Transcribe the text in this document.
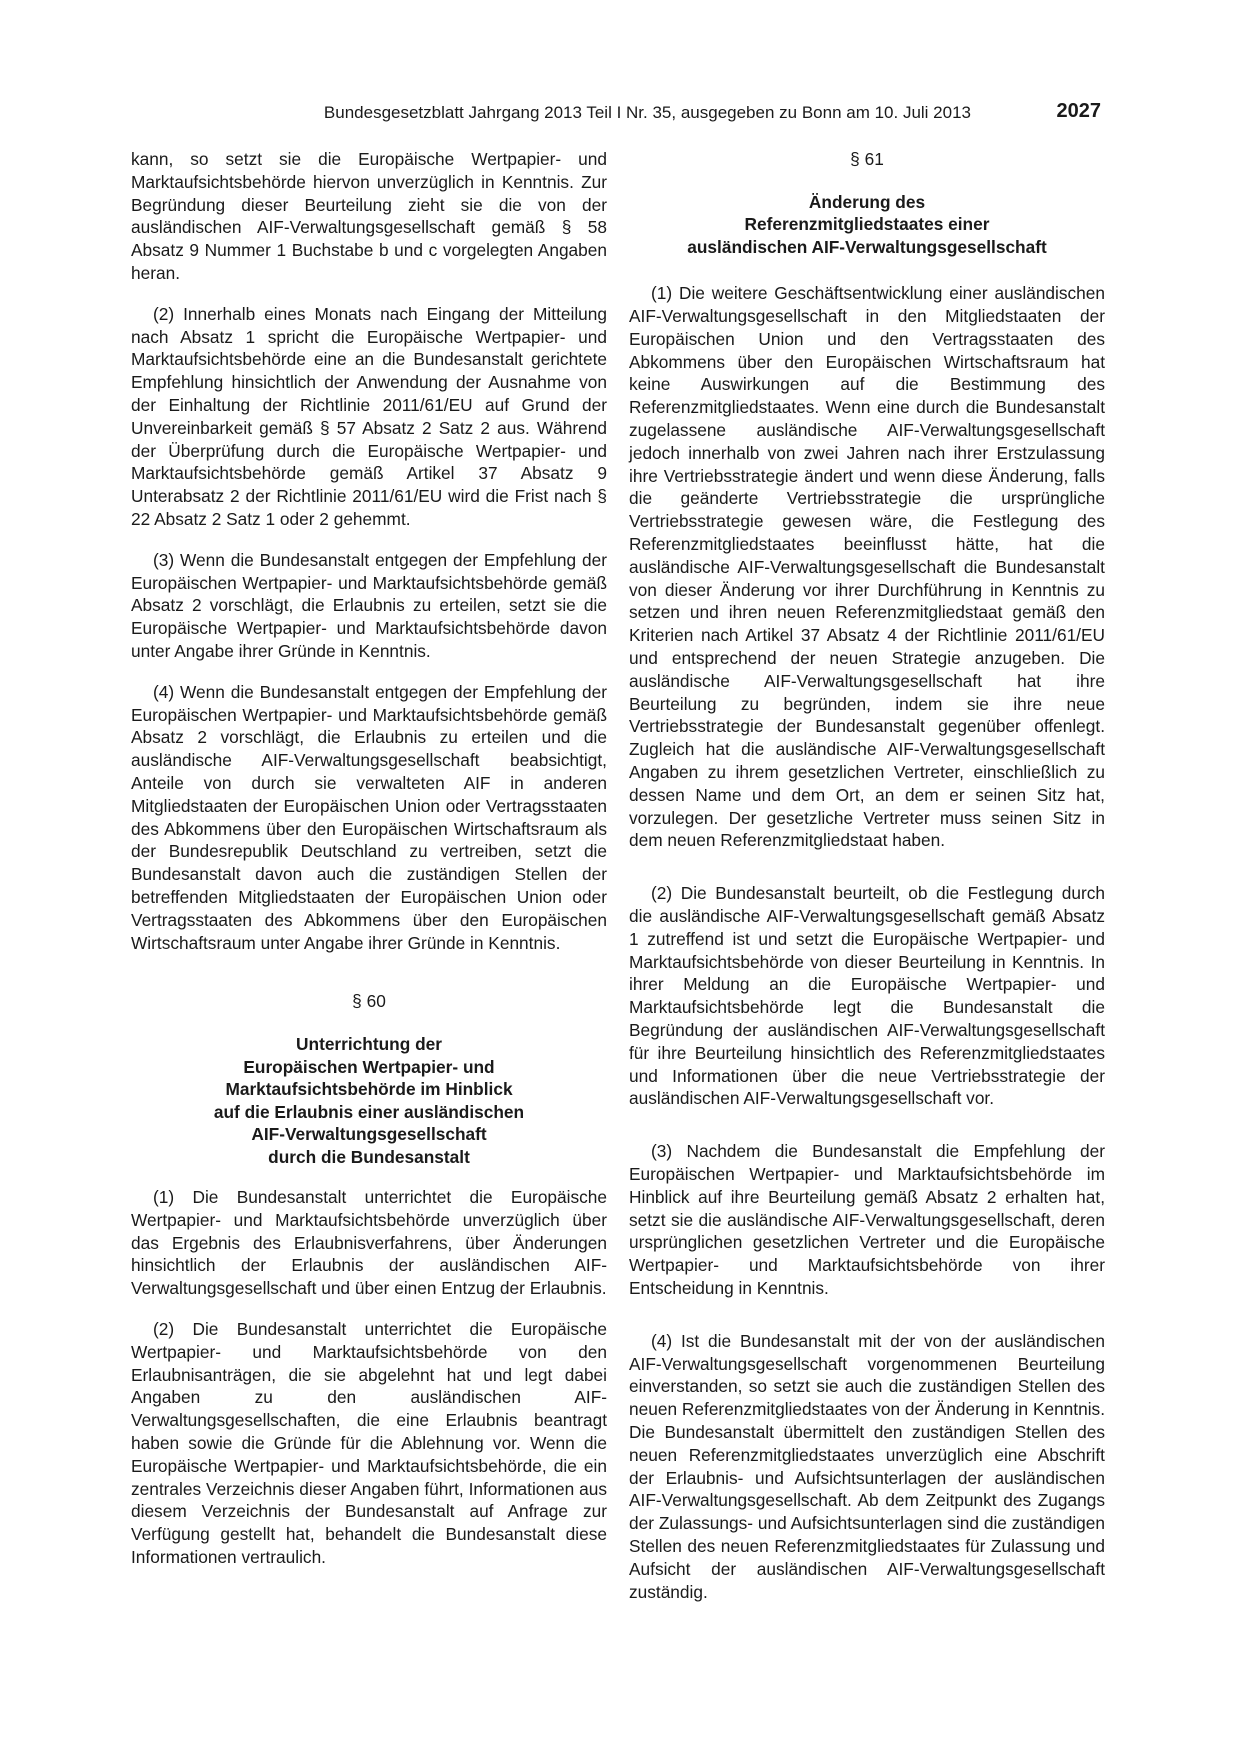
Bundesgesetzblatt Jahrgang 2013 Teil I Nr. 35, ausgegeben zu Bonn am 10. Juli 2013	2027

kann, so setzt sie die Europäische Wertpapier- und Marktaufsichtsbehörde hiervon unverzüglich in Kenntnis. Zur Begründung dieser Beurteilung zieht sie die von der ausländischen AIF-Verwaltungsgesellschaft gemäß § 58 Absatz 9 Nummer 1 Buchstabe b und c vorgelegten Angaben heran.

(2) Innerhalb eines Monats nach Eingang der Mitteilung nach Absatz 1 spricht die Europäische Wertpapier- und Marktaufsichtsbehörde eine an die Bundesanstalt gerichtete Empfehlung hinsichtlich der Anwendung der Ausnahme von der Einhaltung der Richtlinie 2011/61/EU auf Grund der Unvereinbarkeit gemäß § 57 Absatz 2 Satz 2 aus. Während der Überprüfung durch die Europäische Wertpapier- und Marktaufsichtsbehörde gemäß Artikel 37 Absatz 9 Unterabsatz 2 der Richtlinie 2011/61/EU wird die Frist nach § 22 Absatz 2 Satz 1 oder 2 gehemmt.

(3) Wenn die Bundesanstalt entgegen der Empfehlung der Europäischen Wertpapier- und Marktaufsichtsbehörde gemäß Absatz 2 vorschlägt, die Erlaubnis zu erteilen, setzt sie die Europäische Wertpapier- und Marktaufsichtsbehörde davon unter Angabe ihrer Gründe in Kenntnis.

(4) Wenn die Bundesanstalt entgegen der Empfehlung der Europäischen Wertpapier- und Marktaufsichtsbehörde gemäß Absatz 2 vorschlägt, die Erlaubnis zu erteilen und die ausländische AIF-Verwaltungsgesellschaft beabsichtigt, Anteile von durch sie verwalteten AIF in anderen Mitgliedstaaten der Europäischen Union oder Vertragsstaaten des Abkommens über den Europäischen Wirtschaftsraum als der Bundesrepublik Deutschland zu vertreiben, setzt die Bundesanstalt davon auch die zuständigen Stellen der betreffenden Mitgliedstaaten der Europäischen Union oder Vertragsstaaten des Abkommens über den Europäischen Wirtschaftsraum unter Angabe ihrer Gründe in Kenntnis.

§ 60
Unterrichtung der
Europäischen Wertpapier- und
Marktaufsichtsbehörde im Hinblick
auf die Erlaubnis einer ausländischen
AIF-Verwaltungsgesellschaft
durch die Bundesanstalt

(1) Die Bundesanstalt unterrichtet die Europäische Wertpapier- und Marktaufsichtsbehörde unverzüglich über das Ergebnis des Erlaubnisverfahrens, über Änderungen hinsichtlich der Erlaubnis der ausländischen AIF-Verwaltungsgesellschaft und über einen Entzug der Erlaubnis.

(2) Die Bundesanstalt unterrichtet die Europäische Wertpapier- und Marktaufsichtsbehörde von den Erlaubnisanträgen, die sie abgelehnt hat und legt dabei Angaben zu den ausländischen AIF-Verwaltungsgesellschaften, die eine Erlaubnis beantragt haben sowie die Gründe für die Ablehnung vor. Wenn die Europäische Wertpapier- und Marktaufsichtsbehörde, die ein zentrales Verzeichnis dieser Angaben führt, Informationen aus diesem Verzeichnis der Bundesanstalt auf Anfrage zur Verfügung gestellt hat, behandelt die Bundesanstalt diese Informationen vertraulich.

§ 61
Änderung des
Referenzmitgliedstaates einer
ausländischen AIF-Verwaltungsgesellschaft

(1) Die weitere Geschäftsentwicklung einer ausländischen AIF-Verwaltungsgesellschaft in den Mitgliedstaaten der Europäischen Union und den Vertragsstaaten des Abkommens über den Europäischen Wirtschaftsraum hat keine Auswirkungen auf die Bestimmung des Referenzmitgliedstaates. Wenn eine durch die Bundesanstalt zugelassene ausländische AIF-Verwaltungsgesellschaft jedoch innerhalb von zwei Jahren nach ihrer Erstzulassung ihre Vertriebsstrategie ändert und wenn diese Änderung, falls die geänderte Vertriebsstrategie die ursprüngliche Vertriebsstrategie gewesen wäre, die Festlegung des Referenzmitgliedstaates beeinflusst hätte, hat die ausländische AIF-Verwaltungsgesellschaft die Bundesanstalt von dieser Änderung vor ihrer Durchführung in Kenntnis zu setzen und ihren neuen Referenzmitgliedstaat gemäß den Kriterien nach Artikel 37 Absatz 4 der Richtlinie 2011/61/EU und entsprechend der neuen Strategie anzugeben. Die ausländische AIF-Verwaltungsgesellschaft hat ihre Beurteilung zu begründen, indem sie ihre neue Vertriebsstrategie der Bundesanstalt gegenüber offenlegt. Zugleich hat die ausländische AIF-Verwaltungsgesellschaft Angaben zu ihrem gesetzlichen Vertreter, einschließlich zu dessen Name und dem Ort, an dem er seinen Sitz hat, vorzulegen. Der gesetzliche Vertreter muss seinen Sitz in dem neuen Referenzmitgliedstaat haben.

(2) Die Bundesanstalt beurteilt, ob die Festlegung durch die ausländische AIF-Verwaltungsgesellschaft gemäß Absatz 1 zutreffend ist und setzt die Europäische Wertpapier- und Marktaufsichtsbehörde von dieser Beurteilung in Kenntnis. In ihrer Meldung an die Europäische Wertpapier- und Marktaufsichtsbehörde legt die Bundesanstalt die Begründung der ausländischen AIF-Verwaltungsgesellschaft für ihre Beurteilung hinsichtlich des Referenzmitgliedstaates und Informationen über die neue Vertriebsstrategie der ausländischen AIF-Verwaltungsgesellschaft vor.

(3) Nachdem die Bundesanstalt die Empfehlung der Europäischen Wertpapier- und Marktaufsichtsbehörde im Hinblick auf ihre Beurteilung gemäß Absatz 2 erhalten hat, setzt sie die ausländische AIF-Verwaltungsgesellschaft, deren ursprünglichen gesetzlichen Vertreter und die Europäische Wertpapier- und Marktaufsichtsbehörde von ihrer Entscheidung in Kenntnis.

(4) Ist die Bundesanstalt mit der von der ausländischen AIF-Verwaltungsgesellschaft vorgenommenen Beurteilung einverstanden, so setzt sie auch die zuständigen Stellen des neuen Referenzmitgliedstaates von der Änderung in Kenntnis. Die Bundesanstalt übermittelt den zuständigen Stellen des neuen Referenzmitgliedstaates unverzüglich eine Abschrift der Erlaubnis- und Aufsichtsunterlagen der ausländischen AIF-Verwaltungsgesellschaft. Ab dem Zeitpunkt des Zugangs der Zulassungs- und Aufsichtsunterlagen sind die zuständigen Stellen des neuen Referenzmitgliedstaates für Zulassung und Aufsicht der ausländischen AIF-Verwaltungsgesellschaft zuständig.
